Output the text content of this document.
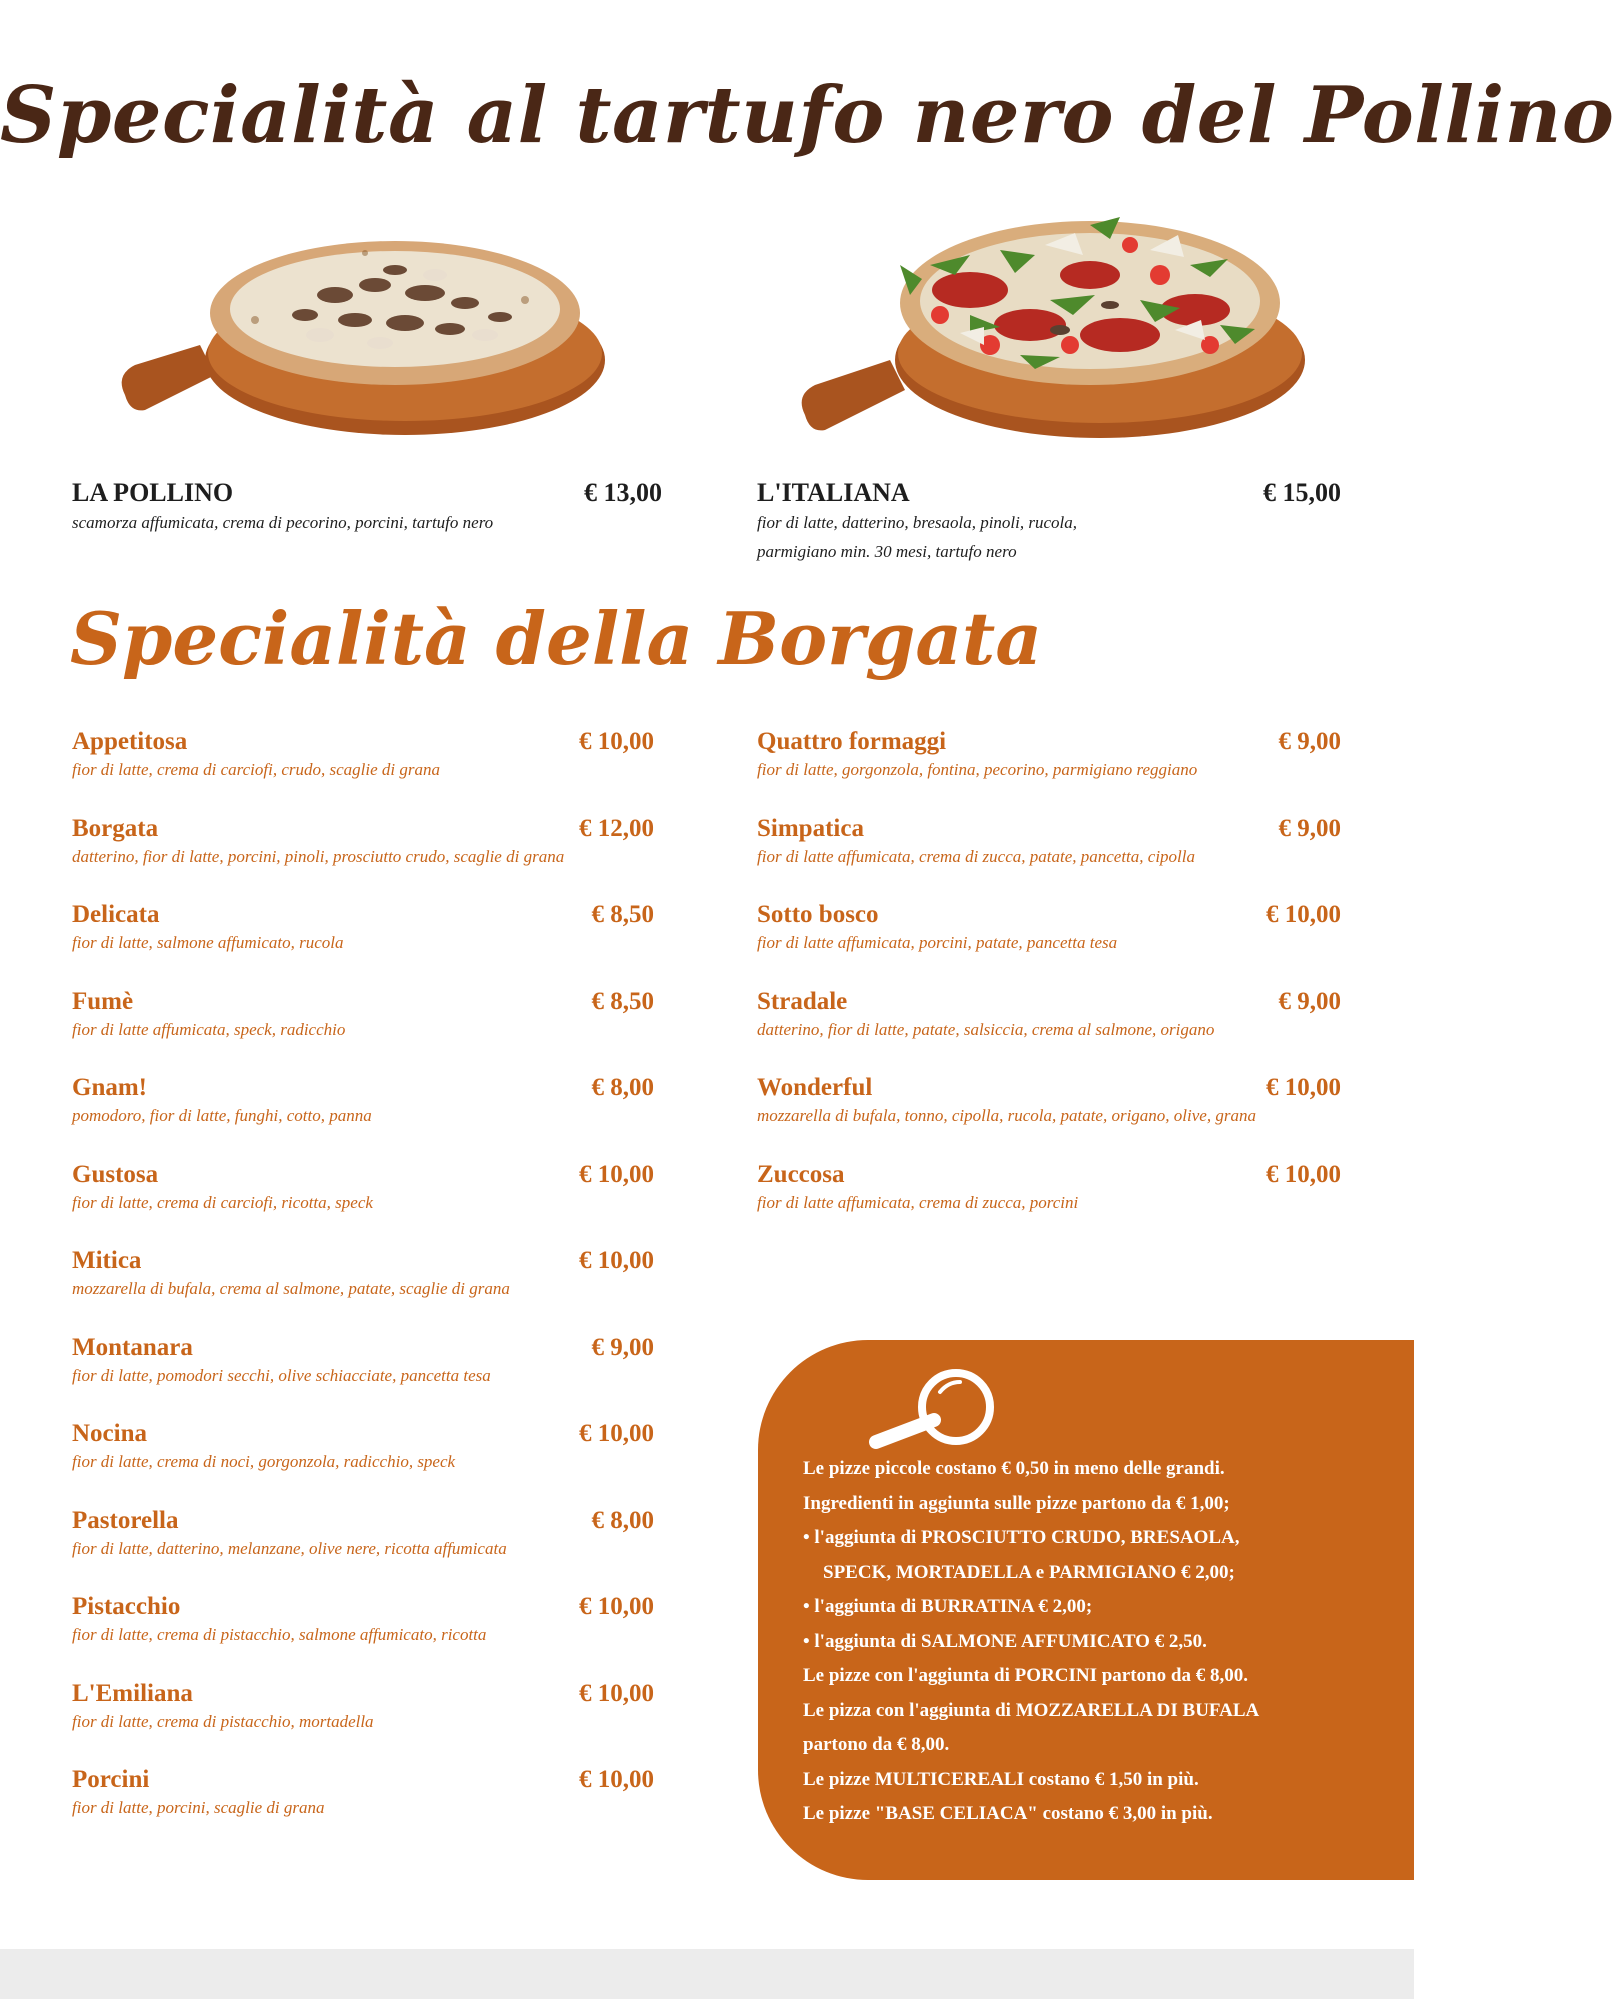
Specialità al tartufo nero del Pollino
LA POLLINO	€ 13,00
scamorza affumicata, crema di pecorino, porcini, tartufo nero
L'ITALIANA	€ 15,00
fior di latte, datterino, bresaola, pinoli, rucola,
parmigiano min. 30 mesi, tartufo nero
Specialità della Borgata
Appetitosa	€ 10,00
fior di latte, crema di carciofi, crudo, scaglie di grana
Borgata	€ 12,00
datterino, fior di latte, porcini, pinoli, prosciutto crudo, scaglie di grana
Delicata	€ 8,50
fior di latte, salmone affumicato, rucola
Fumè	€ 8,50
fior di latte affumicata, speck, radicchio
Gnam!	€ 8,00
pomodoro, fior di latte, funghi, cotto, panna
Gustosa	€ 10,00
fior di latte, crema di carciofi, ricotta, speck
Mitica	€ 10,00
mozzarella di bufala, crema al salmone, patate, scaglie di grana
Montanara	€ 9,00
fior di latte, pomodori secchi, olive schiacciate, pancetta tesa
Nocina	€ 10,00
fior di latte, crema di noci, gorgonzola, radicchio, speck
Pastorella	€ 8,00
fior di latte, datterino, melanzane, olive nere, ricotta affumicata
Pistacchio	€ 10,00
fior di latte, crema di pistacchio, salmone affumicato, ricotta
L'Emiliana	€ 10,00
fior di latte, crema di pistacchio, mortadella
Porcini	€ 10,00
fior di latte, porcini, scaglie di grana
Quattro formaggi	€ 9,00
fior di latte, gorgonzola, fontina, pecorino, parmigiano reggiano
Simpatica	€ 9,00
fior di latte affumicata, crema di zucca, patate, pancetta, cipolla
Sotto bosco	€ 10,00
fior di latte affumicata, porcini, patate, pancetta tesa
Stradale	€ 9,00
datterino, fior di latte, patate, salsiccia, crema al salmone, origano
Wonderful	€ 10,00
mozzarella di bufala, tonno, cipolla, rucola, patate, origano, olive, grana
Zuccosa	€ 10,00
fior di latte affumicata, crema di zucca, porcini
Le pizze piccole costano € 0,50 in meno delle grandi.
Ingredienti in aggiunta sulle pizze partono da € 1,00;
• l'aggiunta di PROSCIUTTO CRUDO, BRESAOLA,
SPECK, MORTADELLA e PARMIGIANO € 2,00;
• l'aggiunta di BURRATINA € 2,00;
• l'aggiunta di SALMONE AFFUMICATO € 2,50.
Le pizze con l'aggiunta di PORCINI partono da € 8,00.
Le pizza con l'aggiunta di MOZZARELLA DI BUFALA
partono da € 8,00.
Le pizze MULTICEREALI costano € 1,50 in più.
Le pizze "BASE CELIACA" costano € 3,00 in più.
